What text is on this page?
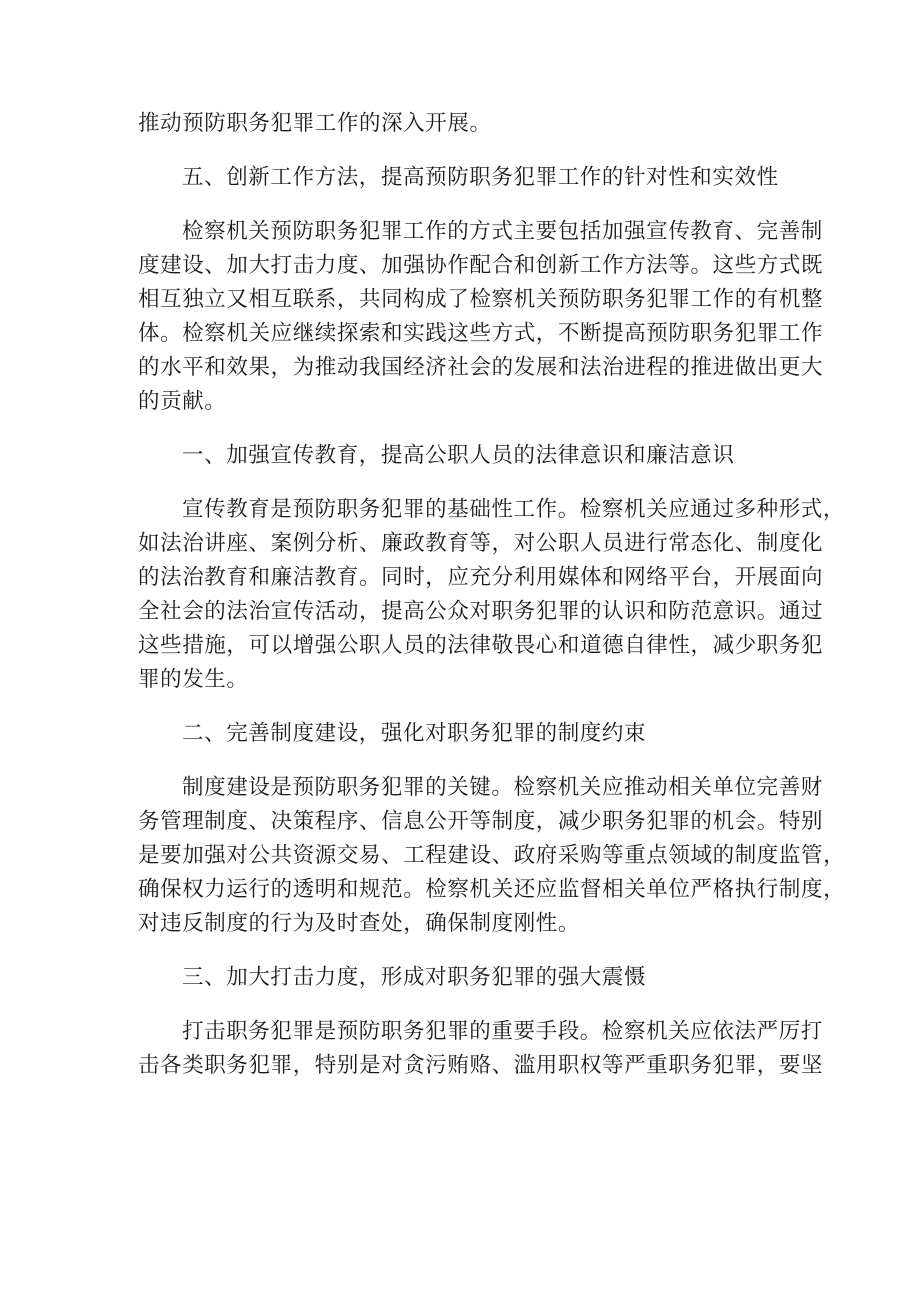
推动预防职务犯罪工作的深入开展。
五、创新工作方法，提高预防职务犯罪工作的针对性和实效性
检察机关预防职务犯罪工作的方式主要包括加强宣传教育、完善制
度建设、加大打击力度、加强协作配合和创新工作方法等。这些方式既
相互独立又相互联系，共同构成了检察机关预防职务犯罪工作的有机整
体。检察机关应继续探索和实践这些方式，不断提高预防职务犯罪工作
的水平和效果，为推动我国经济社会的发展和法治进程的推进做出更大
的贡献。
一、加强宣传教育，提高公职人员的法律意识和廉洁意识
宣传教育是预防职务犯罪的基础性工作。检察机关应通过多种形式，
如法治讲座、案例分析、廉政教育等，对公职人员进行常态化、制度化
的法治教育和廉洁教育。同时，应充分利用媒体和网络平台，开展面向
全社会的法治宣传活动，提高公众对职务犯罪的认识和防范意识。通过
这些措施，可以增强公职人员的法律敬畏心和道德自律性，减少职务犯
罪的发生。
二、完善制度建设，强化对职务犯罪的制度约束
制度建设是预防职务犯罪的关键。检察机关应推动相关单位完善财
务管理制度、决策程序、信息公开等制度，减少职务犯罪的机会。特别
是要加强对公共资源交易、工程建设、政府采购等重点领域的制度监管，
确保权力运行的透明和规范。检察机关还应监督相关单位严格执行制度，
对违反制度的行为及时查处，确保制度刚性。
三、加大打击力度，形成对职务犯罪的强大震慑
打击职务犯罪是预防职务犯罪的重要手段。检察机关应依法严厉打
击各类职务犯罪，特别是对贪污贿赂、滥用职权等严重职务犯罪，要坚
